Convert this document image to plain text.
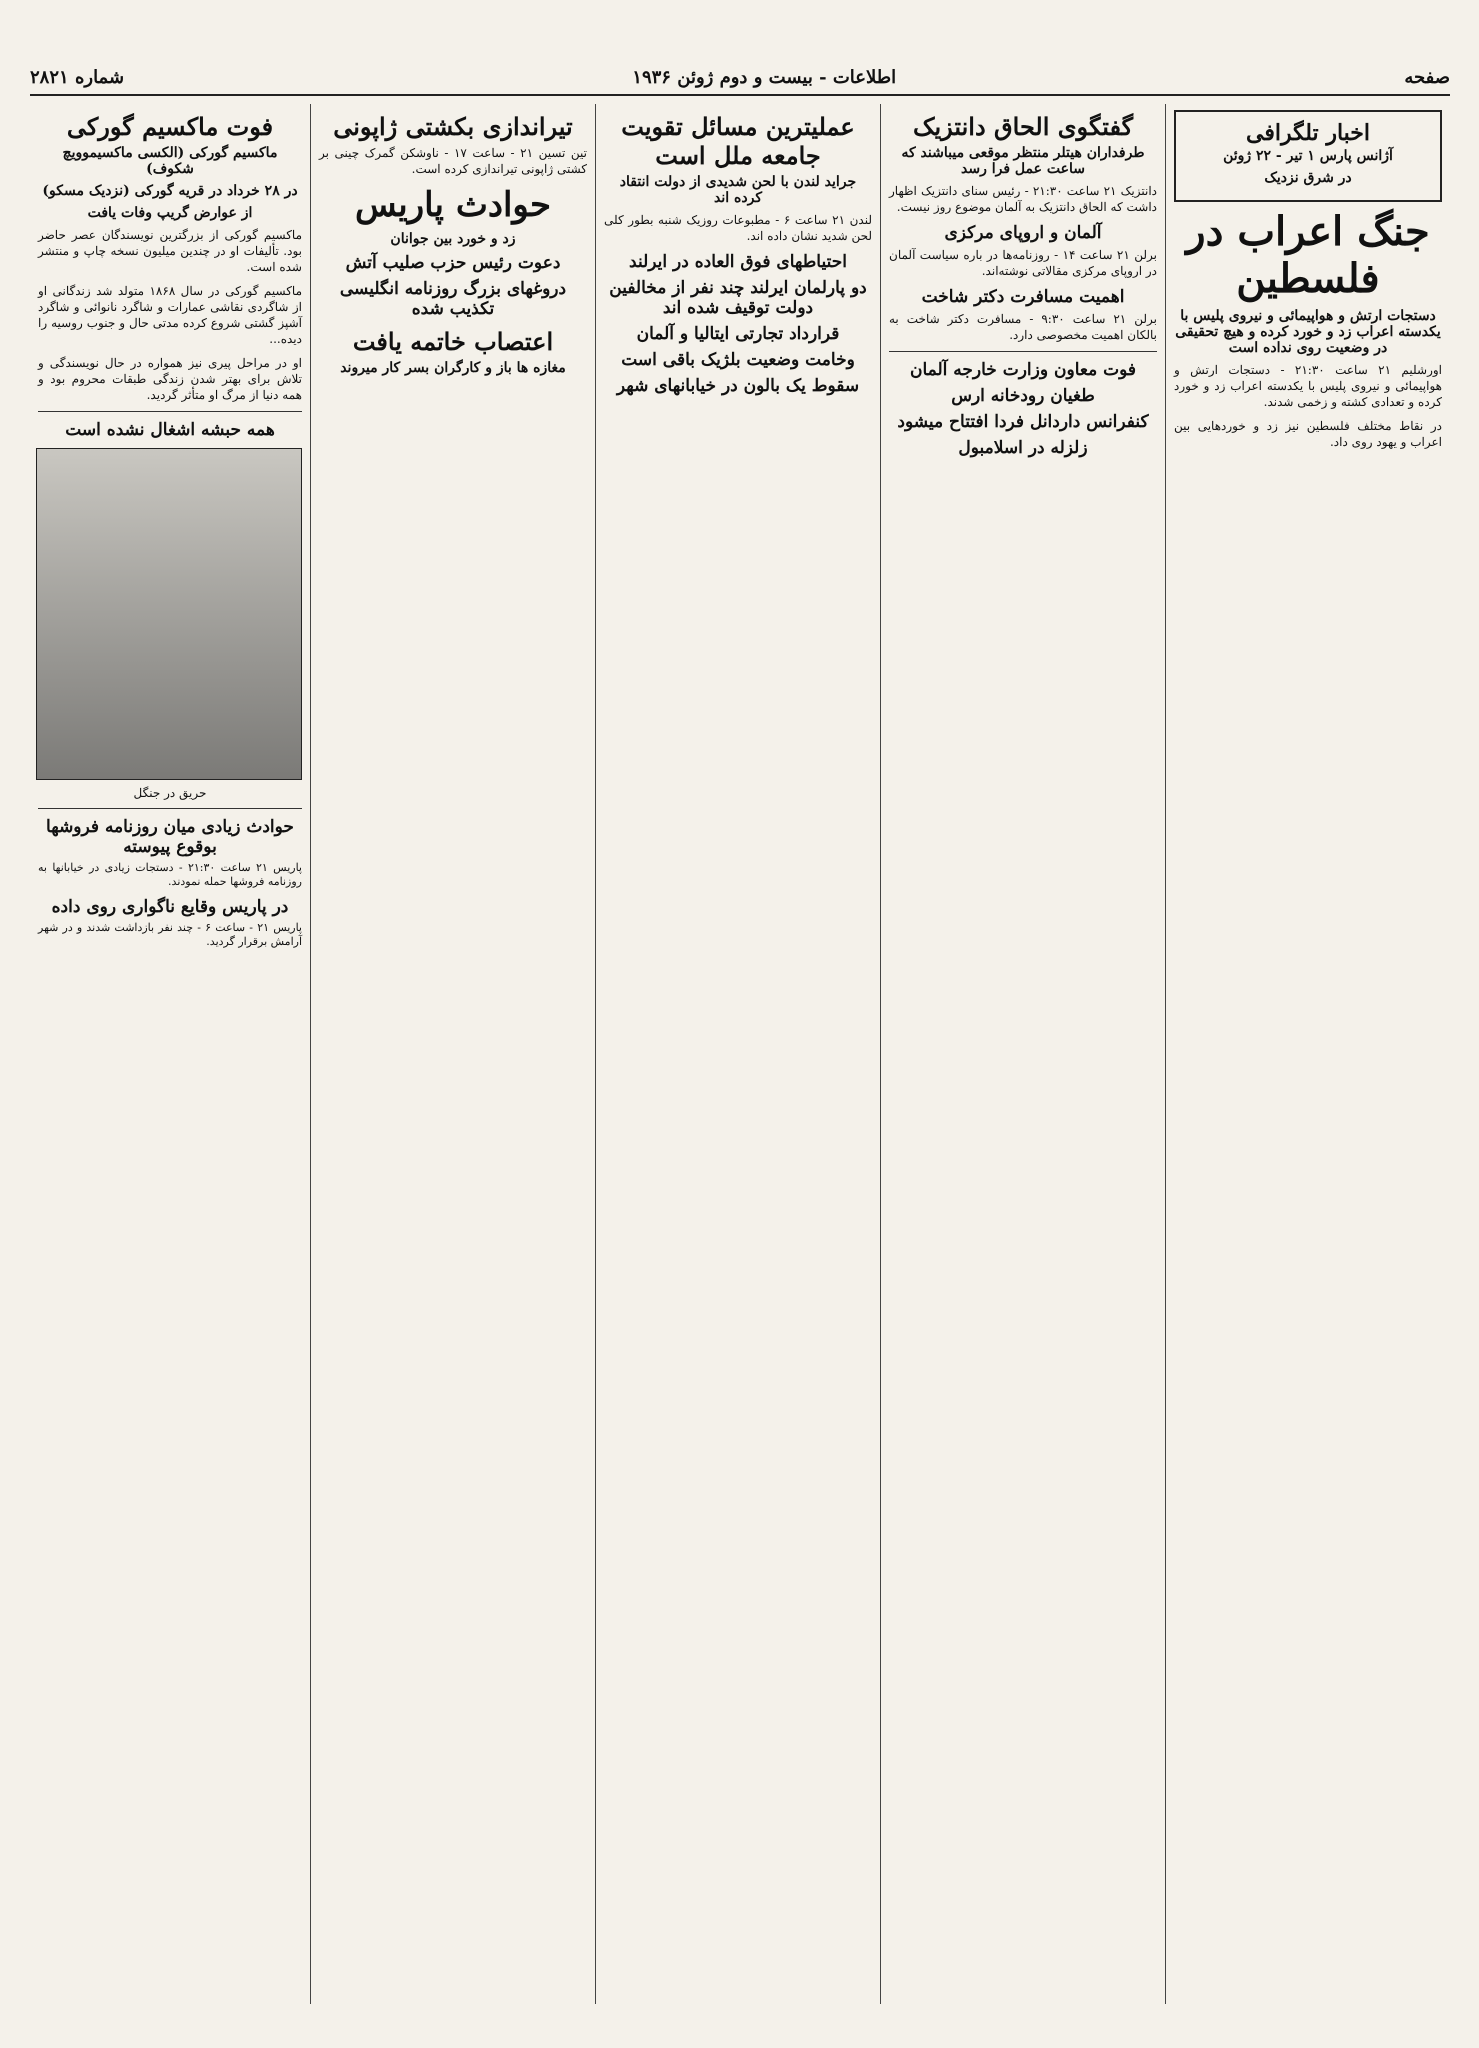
صفحه
اطلاعات - بیست و دوم ژوئن ۱۹۳۶
شماره ۲۸۲۱
اخبار تلگرافی
آژانس پارس ۱ تیر - ۲۲ ژوئن
در شرق نزدیک
جنگ اعراب در فلسطین
دستجات ارتش و هواپیمائی و نیروی پلیس با یکدسته اعراب زد و خورد کرده و هیچ تحقیقی در وضعیت روی نداده است
اورشلیم ۲۱ ساعت ۲۱:۳۰ - دستجات ارتش و هواپیمائی و نیروی پلیس با یکدسته اعراب زد و خورد کرده و تعدادی کشته و زخمی شدند.
در نقاط مختلف فلسطین نیز زد و خوردهایی بین اعراب و یهود روی داد.
گفتگوی الحاق دانتزیک
طرفداران هیتلر منتظر موقعی میباشند که ساعت عمل فرا رسد
دانتزیک ۲۱ ساعت ۲۱:۳۰ - رئیس سنای دانتزیک اظهار داشت که الحاق دانتزیک به آلمان موضوع روز نیست.
آلمان و اروپای مرکزی
برلن ۲۱ ساعت ۱۴ - روزنامه‌ها در باره سیاست آلمان در اروپای مرکزی مقالاتی نوشته‌اند.
اهمیت مسافرت دکتر شاخت
برلن ۲۱ ساعت ۹:۳۰ - مسافرت دکتر شاخت به بالکان اهمیت مخصوصی دارد.
فوت معاون وزارت خارجه آلمان
طغیان رودخانه ارس
کنفرانس داردانل فردا افتتاح میشود
زلزله در اسلامبول
عملیترین مسائل تقویت جامعه ملل است
جراید لندن با لحن شدیدی از دولت انتقاد کرده اند
لندن ۲۱ ساعت ۶ - مطبوعات روزیک شنبه بطور کلی لحن شدید نشان داده اند.
احتیاطهای فوق العاده در ایرلند
دو پارلمان ایرلند چند نفر از مخالفین دولت توقیف شده اند
قرارداد تجارتی ایتالیا و آلمان
وخامت وضعیت بلژیک باقی است
سقوط یک بالون در خیابانهای شهر
تیراندازی بکشتی ژاپونی
تین تسین ۲۱ - ساعت ۱۷ - ناوشکن گمرک چینی بر کشتی ژاپونی تیراندازی کرده است.
حوادث پاریس
زد و خورد بین جوانان
دعوت رئیس حزب صلیب آتش
دروغهای بزرگ روزنامه انگلیسی تکذیب شده
اعتصاب خاتمه یافت
مغازه ها باز و کارگران بسر کار میروند
فوت ماکسیم گورکی
ماکسیم گورکی (الکسی ماکسیموویچ شکوف)
در ۲۸ خرداد در قریه گورکی (نزدیک مسکو)
از عوارض گریپ وفات یافت
ماکسیم گورکی از بزرگترین نویسندگان عصر حاضر بود. تألیفات او در چندین میلیون نسخه چاپ و منتشر شده است.
ماکسیم گورکی در سال ۱۸۶۸ متولد شد زندگانی او از شاگردی نقاشی عمارات و شاگرد نانوائی و شاگرد آشپز گشتی شروع کرده مدتی حال و جنوب روسیه را دیده...
او در مراحل پیری نیز همواره در حال نویسندگی و تلاش برای بهتر شدن زندگی طبقات محروم بود و همه دنیا از مرگ او متأثر گردید.
همه حبشه اشغال نشده است
حریق در جنگل
حوادث زیادی میان روزنامه فروشها بوقوع پیوسته
پاریس ۲۱ ساعت ۲۱:۳۰ - دستجات زیادی در خیابانها به روزنامه فروشها حمله نمودند.
در پاریس وقایع ناگواری روی داده
پاریس ۲۱ - ساعت ۶ - چند نفر بازداشت شدند و در شهر آرامش برقرار گردید.
